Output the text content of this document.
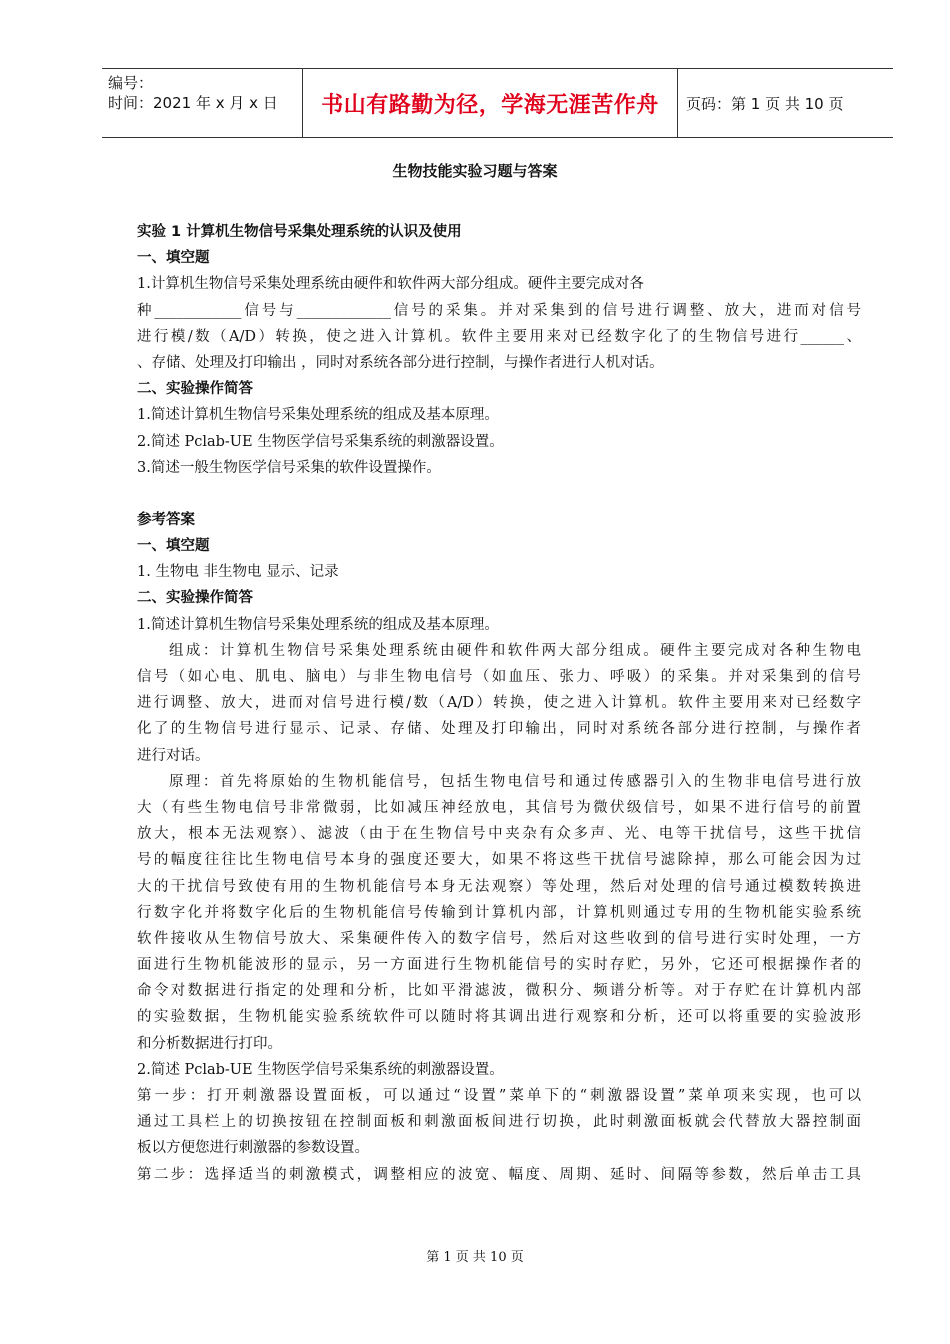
编号：
时间：2021 年 x 月 x 日	书山有路勤为径，学海无涯苦作舟 页码：第 1 页 共 10 页
生物技能实验习题与答案
实验 1 计算机生物信号采集处理系统的认识及使用
一、填空题
1.计算机生物信号采集处理系统由硬件和软件两大部分组成。硬件主要完成对各
种____________信号与_____________信号的采集。并对采集到的信号进行调整、放大，进而对信号
进行模/数（A/D）转换，使之进入计算机。软件主要用来对已经数字化了的生物信号进行______、
、存储、处理及打印输出 ，同时对系统各部分进行控制，与操作者进行人机对话。
二、实验操作简答
1.简述计算机生物信号采集处理系统的组成及基本原理。
2.简述 Pclab-UE 生物医学信号采集系统的刺激器设置。
3.简述一般生物医学信号采集的软件设置操作。
参考答案
一、填空题
1. 生物电 非生物电 显示、记录
二、实验操作简答
1.简述计算机生物信号采集处理系统的组成及基本原理。
组成：计算机生物信号采集处理系统由硬件和软件两大部分组成。硬件主要完成对各种生物电
信号（如心电、肌电、脑电）与非生物电信号（如血压、张力、呼吸）的采集。并对采集到的信号
进行调整、放大，进而对信号进行模/数（A/D）转换，使之进入计算机。软件主要用来对已经数字
化了的生物信号进行显示、记录、存储、处理及打印输出，同时对系统各部分进行控制，与操作者
进行对话。
原理：首先将原始的生物机能信号，包括生物电信号和通过传感器引入的生物非电信号进行放
大（有些生物电信号非常微弱，比如减压神经放电，其信号为微伏级信号，如果不进行信号的前置
放大，根本无法观察）、滤波（由于在生物信号中夹杂有众多声、光、电等干扰信号，这些干扰信
号的幅度往往比生物电信号本身的强度还要大，如果不将这些干扰信号滤除掉，那么可能会因为过
大的干扰信号致使有用的生物机能信号本身无法观察）等处理，然后对处理的信号通过模数转换进
行数字化并将数字化后的生物机能信号传输到计算机内部，计算机则通过专用的生物机能实验系统
软件接收从生物信号放大、采集硬件传入的数字信号，然后对这些收到的信号进行实时处理，一方
面进行生物机能波形的显示，另一方面进行生物机能信号的实时存贮，另外，它还可根据操作者的
命令对数据进行指定的处理和分析，比如平滑滤波，微积分、频谱分析等。对于存贮在计算机内部
的实验数据，生物机能实验系统软件可以随时将其调出进行观察和分析，还可以将重要的实验波形
和分析数据进行打印。
2.简述 Pclab-UE 生物医学信号采集系统的刺激器设置。
第一步：打开刺激器设置面板，可以通过“设置”菜单下的“刺激器设置”菜单项来实现，也可以
通过工具栏上的切换按钮在控制面板和刺激面板间进行切换，此时刺激面板就会代替放大器控制面
板以方便您进行刺激器的参数设置。
第二步：选择适当的刺激模式，调整相应的波宽、幅度、周期、延时、间隔等参数，然后单击工具
第 1 页 共 10 页
